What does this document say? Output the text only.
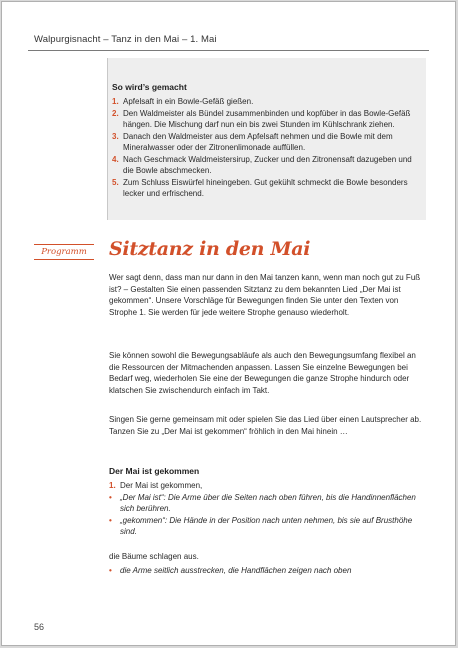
Walpurgisnacht – Tanz in den Mai – 1. Mai
So wird’s gemacht
1. Apfelsaft in ein Bowle-Gefäß gießen.
2. Den Waldmeister als Bündel zusammenbinden und kopfüber in das Bowle-Gefäß hängen. Die Mischung darf nun ein bis zwei Stunden im Kühlschrank ziehen.
3. Danach den Waldmeister aus dem Apfelsaft nehmen und die Bowle mit dem Mineralwasser oder der Zitronenlimonade auffüllen.
4. Nach Geschmack Waldmeistersirup, Zucker und den Zitronensaft dazugeben und die Bowle abschmecken.
5. Zum Schluss Eiswürfel hineingeben. Gut gekühlt schmeckt die Bowle besonders lecker und erfrischend.
Programm	Sitztanz in den Mai

Wer sagt denn, dass man nur dann in den Mai tanzen kann, wenn man noch gut zu Fuß ist? – Gestalten Sie einen passenden Sitztanz zu dem bekannten Lied „Der Mai ist gekommen“. Unsere Vorschläge für Bewegungen finden Sie unter den Texten von Strophe 1. Sie werden für jede weitere Strophe genauso wiederholt.

Sie können sowohl die Bewegungsabläufe als auch den Bewegungsumfang flexibel an die Ressourcen der Mitmachenden anpassen. Lassen Sie einzelne Bewegungen bei Bedarf weg, wiederholen Sie eine der Bewegungen die ganze Strophe hindurch oder klatschen Sie zwischendurch einfach im Takt.

Singen Sie gerne gemeinsam mit oder spielen Sie das Lied über einen Lautsprecher ab. Tanzen Sie zu „Der Mai ist gekommen“ fröhlich in den Mai hinein …

Der Mai ist gekommen
1. Der Mai ist gekommen,
• „Der Mai ist“: Die Arme über die Seiten nach oben führen, bis die Handinnenflächen sich berühren.
• „gekommen“: Die Hände in der Position nach unten nehmen, bis sie auf Brusthöhe sind.
die Bäume schlagen aus.
• die Arme seitlich ausstrecken, die Handflächen zeigen nach oben
56
